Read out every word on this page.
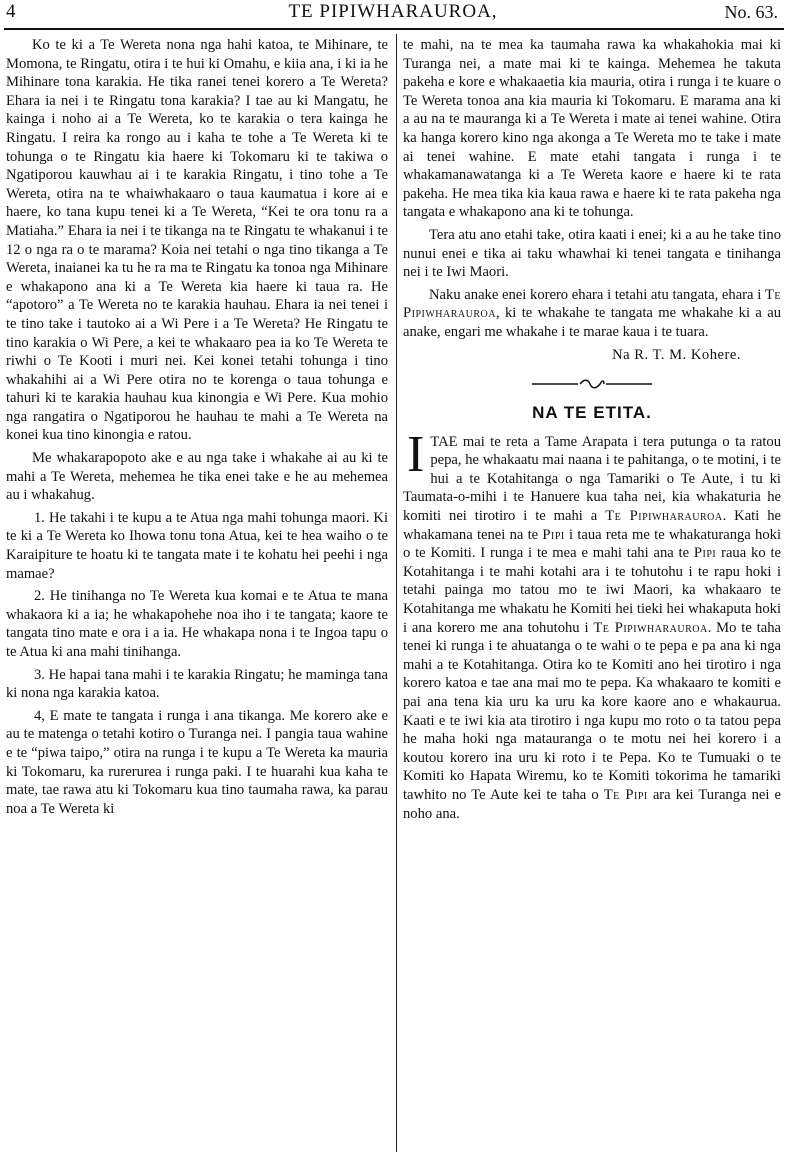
4	TE PIPIWHARAUROA,	No. 63.

Ko te ki a Te Wereta nona nga hahi katoa, te Mihinare, te Momona, te Ringatu, otira i te hui ki Omahu, e kiia ana, i ki ia he Mihinare tona karakia. He tika ranei tenei korero a Te Wereta? Ehara ia nei i te Ringatu tona karakia? I tae au ki Mangatu, he kainga i noho ai a Te Wereta, ko te karakia o tera kainga he Ringatu. I reira ka rongo au i kaha te tohe a Te Wereta ki te tohunga o te Ringatu kia haere ki Tokomaru ki te takiwa o Ngatiporou kauwhau ai i te karakia Ringatu, i tino tohe a Te Wereta, otira na te whaiwhakaaro o taua kaumatua i kore ai e haere, ko tana kupu tenei ki a Te Wereta, “Kei te ora tonu ra a Matiaha.” Ehara ia nei i te tikanga na te Ringatu te whakanui i te 12 o nga ra o te marama? Koia nei tetahi o nga tino tikanga a Te Wereta, inaianei ka tu he ra ma te Ringatu ka tonoa nga Mihinare e whakapono ana ki a Te Wereta kia haere ki taua ra. He “apotoro” a Te Wereta no te karakia hauhau. Ehara ia nei tenei i te tino take i tautoko ai a Wi Pere i a Te Wereta? He Ringatu te tino karakia o Wi Pere, a kei te whakaaro pea ia ko Te Wereta te riwhi o Te Kooti i muri nei. Kei konei tetahi tohunga i tino whakahihi ai a Wi Pere otira no te korenga o taua tohunga e tahuri ki te karakia hauhau kua kinongia e Wi Pere. Kua mohio nga rangatira o Ngatiporou he hauhau te mahi a Te Wereta na konei kua tino kinongia e ratou.

Me whakarapopoto ake e au nga take i whakahe ai au ki te mahi a Te Wereta, mehemea he tika enei take e he au mehemea au i whakahug.

1. He takahi i te kupu a te Atua nga mahi tohunga maori. Ki te ki a Te Wereta ko Ihowa tonu tona Atua, kei te hea waiho o te Karaipiture te hoatu ki te tangata mate i te kohatu hei peehi i nga mamae?

2. He tinihanga no Te Wereta kua komai e te Atua te mana whakaora ki a ia; he whakapohehe noa iho i te tangata; kaore te tangata tino mate e ora i a ia. He whakapa nona i te Ingoa tapu o te Atua ki ana mahi tinihanga.

3. He hapai tana mahi i te karakia Ringatu; he maminga tana ki nona nga karakia katoa.

4, E mate te tangata i runga i ana tikanga. Me korero ake e au te matenga o tetahi kotiro o Turanga nei. I pangia taua wahine e te “piwa taipo,” otira na runga i te kupu a Te Wereta ka mauria ki Tokomaru, ka rurerurea i runga paki. I te huarahi kua kaha te mate, tae rawa atu ki Tokomaru kua tino taumaha rawa, ka parau noa a Te Wereta ki

te mahi, na te mea ka taumaha rawa ka whakahokia mai ki Turanga nei, a mate mai ki te kainga. Mehemea he takuta pakeha e kore e whakaaetia kia mauria, otira i runga i te kuare o Te Wereta tonoa ana kia mauria ki Tokomaru. E marama ana ki a au na te mauranga ki a Te Wereta i mate ai tenei wahine. Otira ka hanga korero kino nga akonga a Te Wereta mo te take i mate ai tenei wahine. E mate etahi tangata i runga i te whakamanawatanga ki a Te Wereta kaore e haere ki te rata pakeha. He mea tika kia kaua rawa e haere ki te rata pakeha nga tangata e whakapono ana ki te tohunga.

Tera atu ano etahi take, otira kaati i enei; ki a au he take tino nunui enei e tika ai taku whawhai ki tenei tangata e tinihanga nei i te Iwi Maori.

Naku anake enei korero ehara i tetahi atu tangata, ehara i Te Pipiwharauroa, ki te whakahe te tangata me whakahe ki a au anake, engari me whakahe i te marae kaua i te tuara.

Na R. T. M. Kohere.

NA TE ETITA.

ITAE mai te reta a Tame Arapata i tera putunga o ta ratou pepa, he whakaatu mai naana i te pahitanga, o te motini, i te hui a te Kotahitanga o nga Tamariki o Te Aute, i tu ki Taumata-o-mihi i te Hanuere kua taha nei, kia whakaturia he komiti nei tirotiro i te mahi a Te Pipiwharauroa. Kati he whakamana tenei na te Pipi i taua reta me te whakaturanga hoki o te Komiti. I runga i te mea e mahi tahi ana te Pipi raua ko te Kotahitanga i te mahi kotahi ara i te tohutohu i te rapu hoki i tetahi painga mo tatou mo te iwi Maori, ka whakaaro te Kotahitanga me whakatu he Komiti hei tieki hei whakaputa hoki i ana korero me ana tohutohu i Te Pipiwharauroa. Mo te taha tenei ki runga i te ahuatanga o te wahi o te pepa e pa ana ki nga mahi a te Kotahitanga. Otira ko te Komiti ano hei tirotiro i nga korero katoa e tae ana mai mo te pepa. Ka whakaaro te komiti e pai ana tena kia uru ka uru ka kore kaore ano e whakaurua. Kaati e te iwi kia ata tirotiro i nga kupu mo roto o ta tatou pepa he maha hoki nga matauranga o te motu nei hei korero i a koutou korero ina uru ki roto i te Pepa. Ko te Tumuaki o te Komiti ko Hapata Wiremu, ko te Komiti tokorima he tamariki tawhito no Te Aute kei te taha o Te Pipi ara kei Turanga nei e noho ana.
